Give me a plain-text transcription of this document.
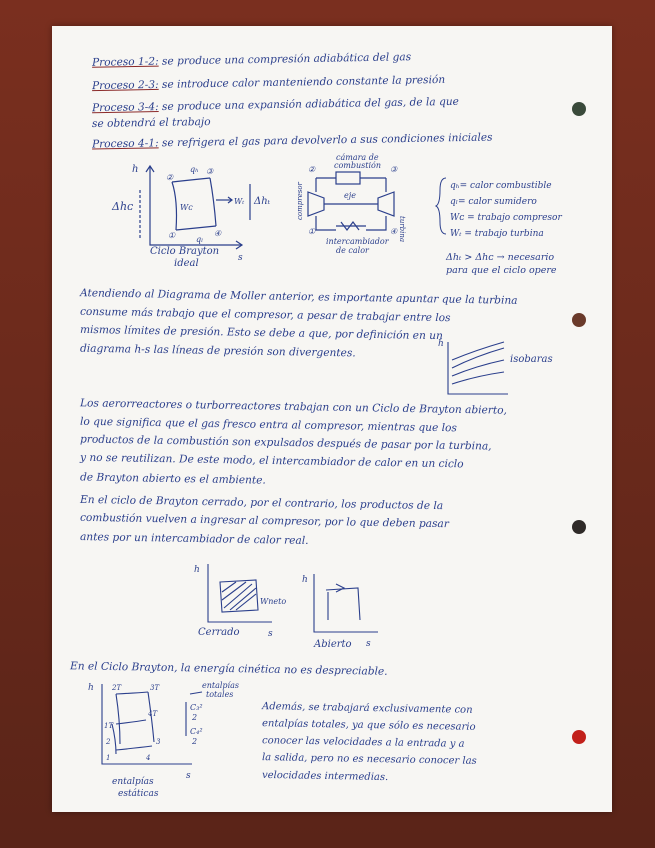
Proceso 1-2: se produce una compresión adiabática del gas
Proceso 2-3: se introduce calor manteniendo constante la presión
Proceso 3-4: se produce una expansión adiabática del gas, de la que
se obtendrá el trabajo
Proceso 4-1: se refrigera el gas para devolverlo a sus condiciones iniciales
h
s
Δhᴄ	Δhₜ
qₕ
qₗ
Wₜ
Wᴄ
②
③
④
①
Ciclo Brayton
ideal
cámara de
combustión
eje
compresor
turbina
intercambiador
de calor
②	③
①	④
qₕ= calor combustible
qₗ= calor sumidero
Wᴄ = trabajo compresor
Wₜ = trabajo turbina
Δhₜ > Δhᴄ → necesario
para que el ciclo opere
Atendiendo al Diagrama de Moller anterior, es importante apuntar que la turbina
consume más trabajo que el compresor, a pesar de trabajar entre los
mismos límites de presión. Esto se debe a que, por definición en un
diagrama h-s las líneas de presión son divergentes.	h
isobaras
Los aerorreactores o turborreactores trabajan con un Ciclo de Brayton abierto,
lo que significa que el gas fresco entra al compresor, mientras que los
productos de la combustión son expulsados después de pasar por la turbina,
y no se reutilizan. De este modo, el intercambiador de calor en un ciclo
de Brayton abierto es el ambiente.
En el ciclo de Brayton cerrado, por el contrario, los productos de la
combustión vuelven a ingresar al compresor, por lo que deben pasar
antes por un intercambiador de calor real.
h
s
Wneto
Cerrado
h
s
Abierto
En el Ciclo Brayton, la energía cinética no es despreciable.
h
s
entalpías
totales
2T	3T
4T
1T
2	3
4
1
C₃²
2
C₄²
2
entalpías
estáticas
Además, se trabajará exclusivamente con
entalpías totales, ya que sólo es necesario
conocer las velocidades a la entrada y a
la salida, pero no es necesario conocer las
velocidades intermedias.
